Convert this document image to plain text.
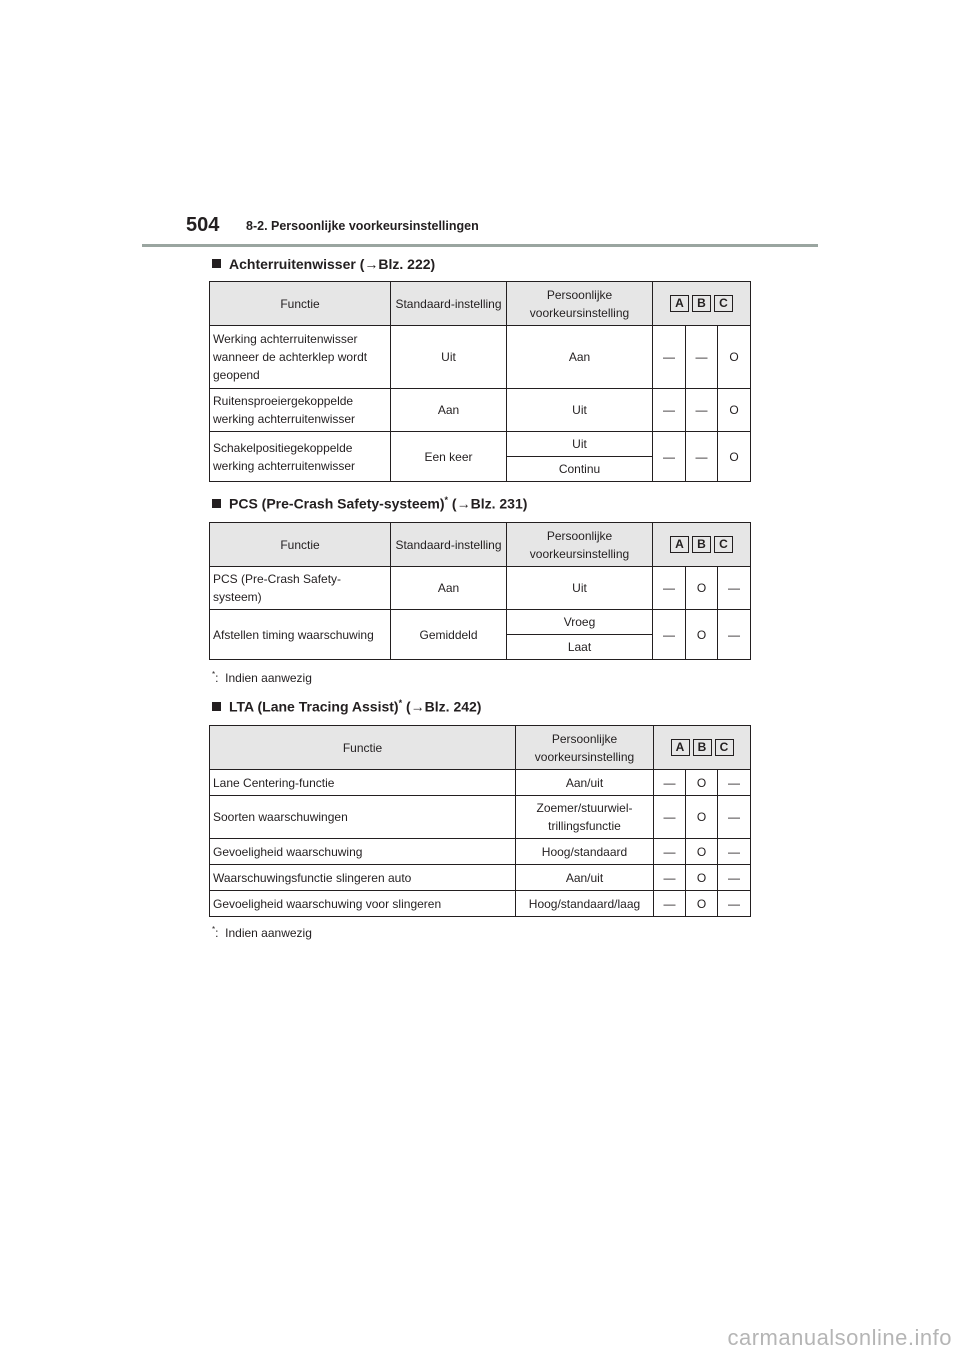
504 8-2. Persoonlijke voorkeursinstellingen
Achterruitenwisser (→Blz. 222)
Functie	Standaard-instelling	Persoonlijke voorkeursinstelling	A B C		

Werking achterruitenwisser wanneer de achterklep wordt geopend	Uit	Aan	—	—	O
Ruitensproeiergekoppelde werking achterruitenwisser	Aan	Uit	—	—	O
Schakelpositiegekoppelde werking achterruitenwisser	Een keer	Uit	—	—	O
		Continu			
PCS (Pre-Crash Safety-systeem)* (→Blz. 231)
Functie	Standaard-instelling	Persoonlijke voorkeursinstelling	A B C		

PCS (Pre-Crash Safety-systeem)	Aan	Uit	—	O	—
Afstellen timing waarschuwing	Gemiddeld	Vroeg	—	O	—
		Laat			
*:  Indien aanwezig
LTA (Lane Tracing Assist)* (→Blz. 242)
Functie	Persoonlijke voorkeursinstelling	A B C		

Lane Centering-functie	Aan/uit	—	O	—
Soorten waarschuwingen	Zoemer/stuurwiel-trillingsfunctie	—	O	—
Gevoeligheid waarschuwing	Hoog/standaard	—	O	—
Waarschuwingsfunctie slingeren auto	Aan/uit	—	O	—
Gevoeligheid waarschuwing voor slingeren	Hoog/standaard/laag	—	O	—
*:  Indien aanwezig
carmanualsonline.info
